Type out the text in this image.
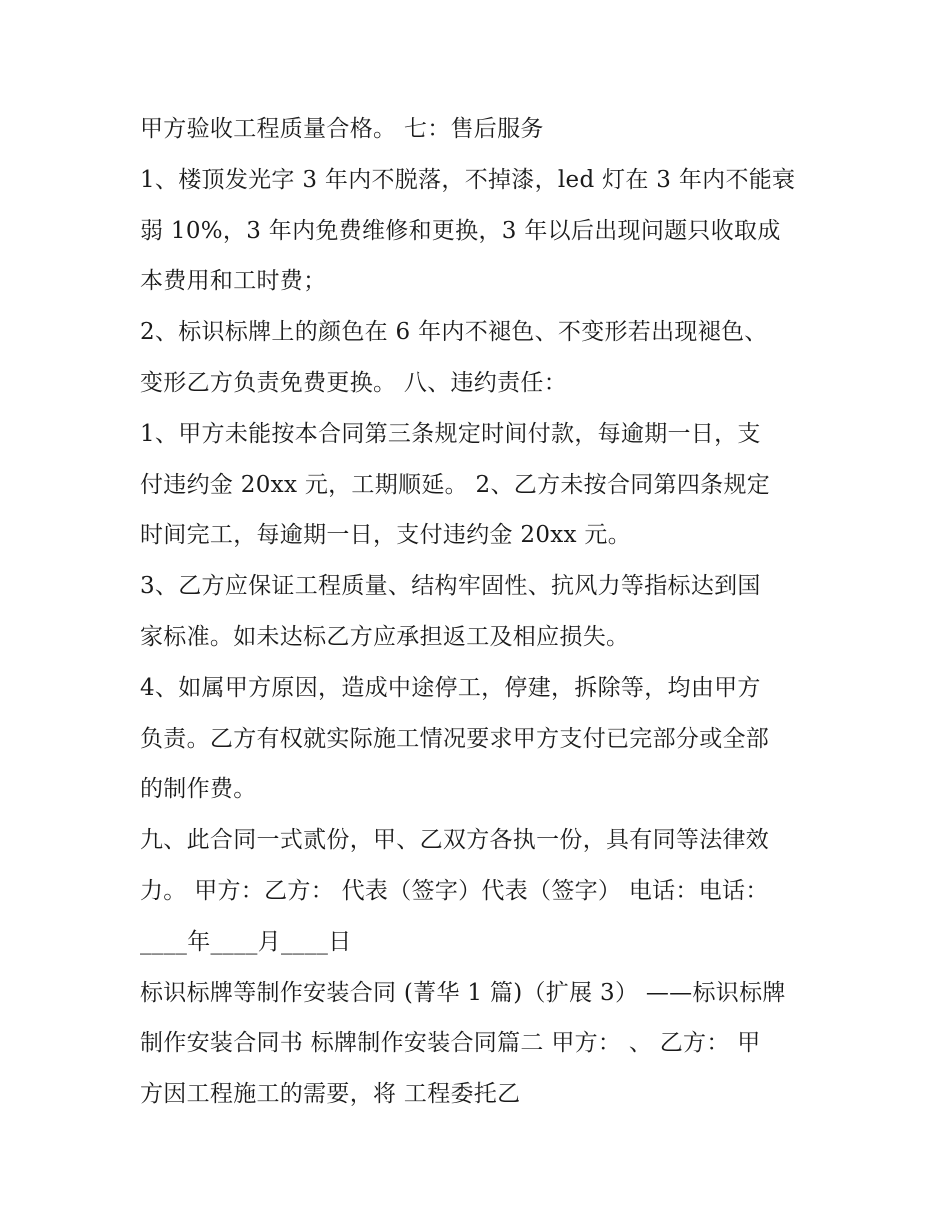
甲方验收工程质量合格。 七：售后服务
1、楼顶发光字 3 年内不脱落，不掉漆，led 灯在 3 年内不能衰
弱 10%，3 年内免费维修和更换，3 年以后出现问题只收取成
本费用和工时费；
2、标识标牌上的颜色在 6 年内不褪色、不变形若出现褪色、
变形乙方负责免费更换。 八、违约责任：
1、甲方未能按本合同第三条规定时间付款，每逾期一日，支
付违约金 20xx 元，工期顺延。 2、乙方未按合同第四条规定
时间完工，每逾期一日，支付违约金 20xx 元。
3、乙方应保证工程质量、结构牢固性、抗风力等指标达到国
家标准。如未达标乙方应承担返工及相应损失。
4、如属甲方原因，造成中途停工，停建，拆除等，均由甲方
负责。乙方有权就实际施工情况要求甲方支付已完部分或全部
的制作费。
九、此合同一式贰份，甲、乙双方各执一份，具有同等法律效
力。 甲方：乙方： 代表（签字）代表（签字） 电话：电话：
____年____月____日
标识标牌等制作安装合同 (菁华 1 篇)（扩展 3） ——标识标牌
制作安装合同书 标牌制作安装合同篇二 甲方： 、 乙方： 甲
方因工程施工的需要，将 工程委托乙
